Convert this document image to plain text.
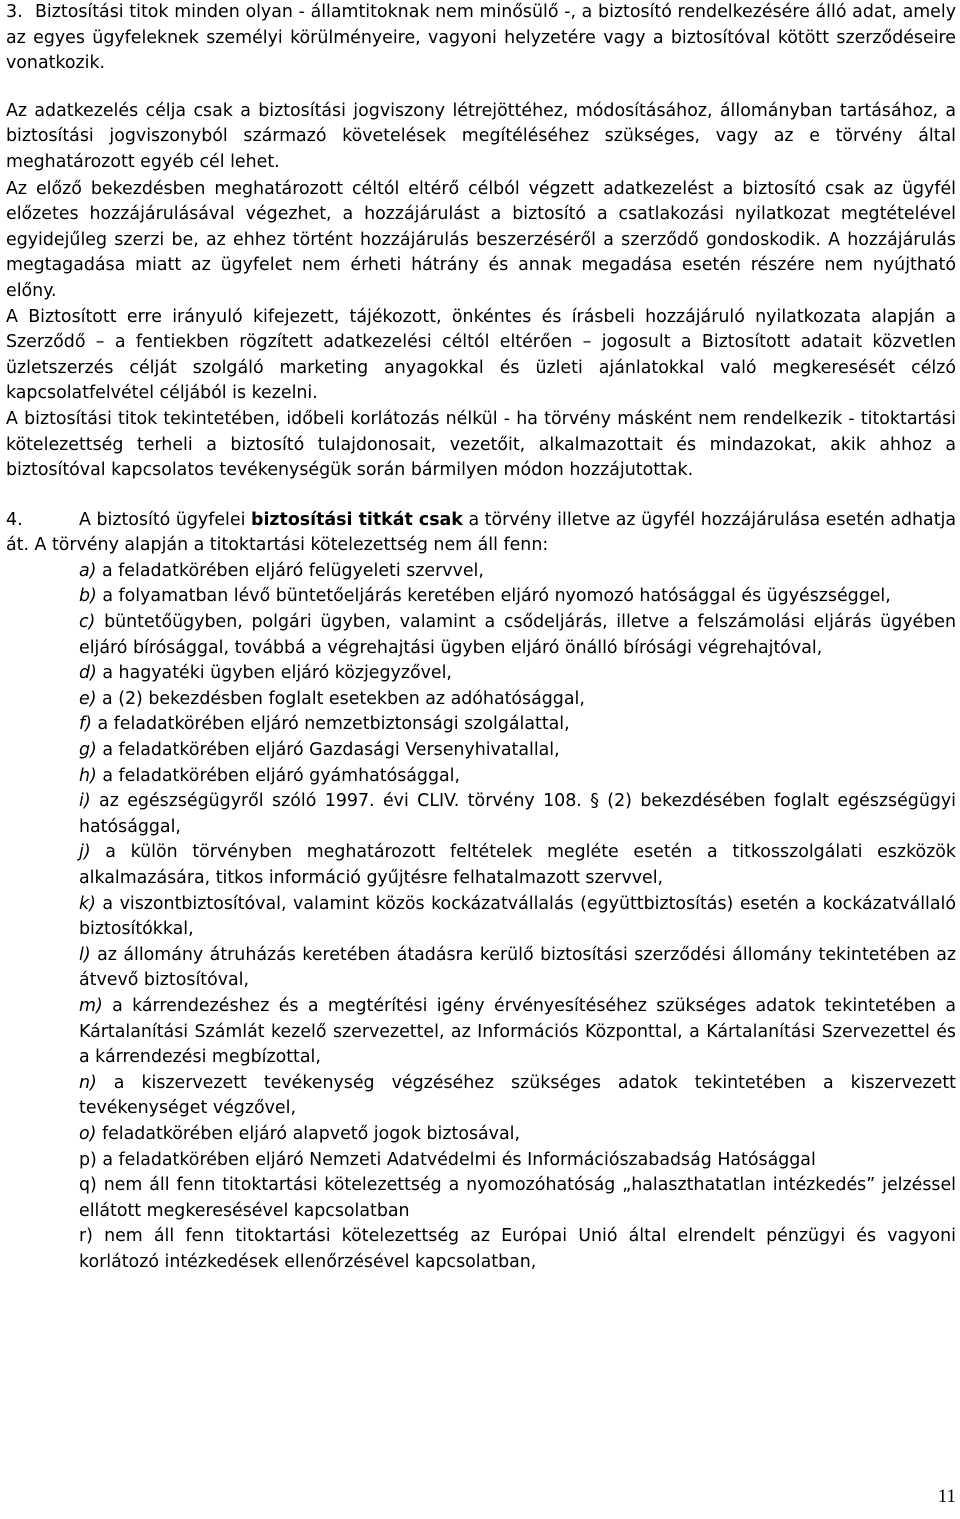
3. Biztosítási titok minden olyan - államtitoknak nem minősülő -, a biztosító rendelkezésére álló adat, amely az egyes ügyfeleknek személyi körülményeire, vagyoni helyzetére vagy a biztosítóval kötött szerződéseire vonatkozik.

Az adatkezelés célja csak a biztosítási jogviszony létrejöttéhez, módosításához, állományban tartásához, a biztosítási jogviszonyból származó követelések megítéléséhez szükséges, vagy az e törvény által meghatározott egyéb cél lehet.

Az előző bekezdésben meghatározott céltól eltérő célból végzett adatkezelést a biztosító csak az ügyfél előzetes hozzájárulásával végezhet, a hozzájárulást a biztosító a csatlakozási nyilatkozat megtételével egyidejűleg szerzi be, az ehhez történt hozzájárulás beszerzéséről a szerződő gondoskodik. A hozzájárulás megtagadása miatt az ügyfelet nem érheti hátrány és annak megadása esetén részére nem nyújtható előny.

A Biztosított erre irányuló kifejezett, tájékozott, önkéntes és írásbeli hozzájáruló nyilatkozata alapján a Szerződő – a fentiekben rögzített adatkezelési céltól eltérően – jogosult a Biztosított adatait közvetlen üzletszerzés célját szolgáló marketing anyagokkal és üzleti ajánlatokkal való megkeresését célzó kapcsolatfelvétel céljából is kezelni.

A biztosítási titok tekintetében, időbeli korlátozás nélkül - ha törvény másként nem rendelkezik - titoktartási kötelezettség terheli a biztosító tulajdonosait, vezetőit, alkalmazottait és mindazokat, akik ahhoz a biztosítóval kapcsolatos tevékenységük során bármilyen módon hozzájutottak.

4.	A biztosító ügyfelei biztosítási titkát csak a törvény illetve az ügyfél hozzájárulása esetén adhatja át. A törvény alapján a titoktartási kötelezettség nem áll fenn:

a) a feladatkörében eljáró felügyeleti szervvel,

b) a folyamatban lévő büntetőeljárás keretében eljáró nyomozó hatósággal és ügyészséggel,

c) büntetőügyben, polgári ügyben, valamint a csődeljárás, illetve a felszámolási eljárás ügyében eljáró bírósággal, továbbá a végrehajtási ügyben eljáró önálló bírósági végrehajtóval,

d) a hagyatéki ügyben eljáró közjegyzővel,

e) a (2) bekezdésben foglalt esetekben az adóhatósággal,

f) a feladatkörében eljáró nemzetbiztonsági szolgálattal,

g) a feladatkörében eljáró Gazdasági Versenyhivatallal,

h) a feladatkörében eljáró gyámhatósággal,

i) az egészségügyről szóló 1997. évi CLIV. törvény 108. § (2) bekezdésében foglalt egészségügyi hatósággal,

j) a külön törvényben meghatározott feltételek megléte esetén a titkosszolgálati eszközök alkalmazására, titkos információ gyűjtésre felhatalmazott szervvel,

k) a viszontbiztosítóval, valamint közös kockázatvállalás (együttbiztosítás) esetén a kockázatvállaló biztosítókkal,

l) az állomány átruházás keretében átadásra kerülő biztosítási szerződési állomány tekintetében az átvevő biztosítóval,

m) a kárrendezéshez és a megtérítési igény érvényesítéséhez szükséges adatok tekintetében a Kártalanítási Számlát kezelő szervezettel, az Információs Központtal, a Kártalanítási Szervezettel és a kárrendezési megbízottal,

n) a kiszervezett tevékenység végzéséhez szükséges adatok tekintetében a kiszervezett tevékenységet végzővel,

o) feladatkörében eljáró alapvető jogok biztosával,

p) a feladatkörében eljáró Nemzeti Adatvédelmi és Információszabadság Hatósággal

q) nem áll fenn titoktartási kötelezettség a nyomozóhatóság „halaszthatatlan intézkedés” jelzéssel ellátott megkeresésével kapcsolatban

r) nem áll fenn titoktartási kötelezettség az Európai Unió által elrendelt pénzügyi és vagyoni korlátozó intézkedések ellenőrzésével kapcsolatban,

11
